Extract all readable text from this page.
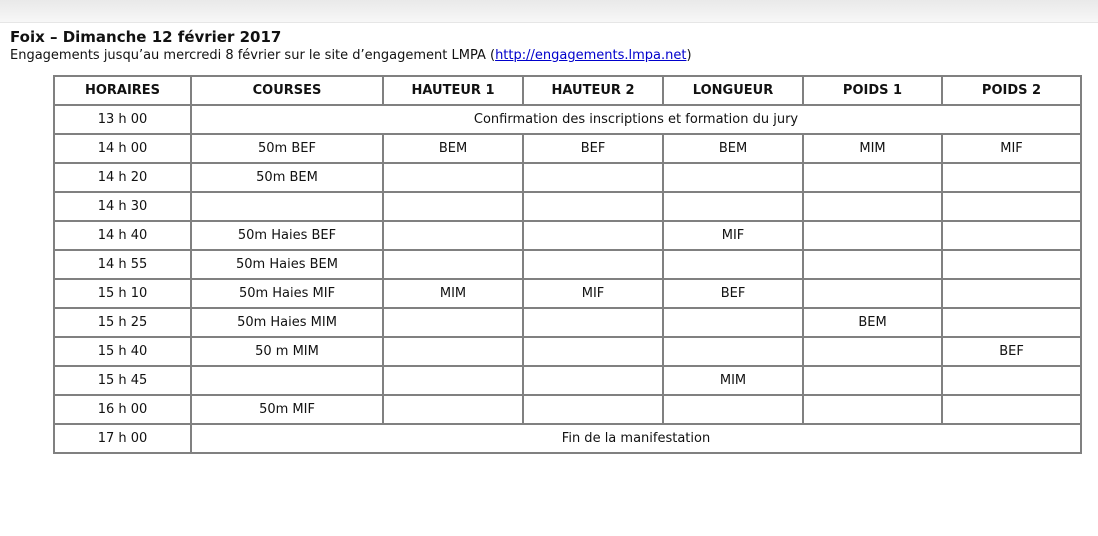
Foix – Dimanche 12 février 2017

Engagements jusqu’au mercredi 8 février sur le site d’engagement LMPA (http://engagements.lmpa.net)

HORAIRES	COURSES	HAUTEUR 1	HAUTEUR 2	LONGUEUR	POIDS 1	POIDS 2
13 h 00	Confirmation des inscriptions et formation du jury					
14 h 00	50m BEF	BEM	BEF	BEM	MIM	MIF
14 h 20	50m BEM					
14 h 30						
14 h 40	50m Haies BEF			MIF		
14 h 55	50m Haies BEM					
15 h 10	50m Haies MIF	MIM	MIF	BEF		
15 h 25	50m Haies MIM				BEM	
15 h 40	50 m MIM					BEF
15 h 45				MIM		
16 h 00	50m MIF					
17 h 00	Fin de la manifestation					
